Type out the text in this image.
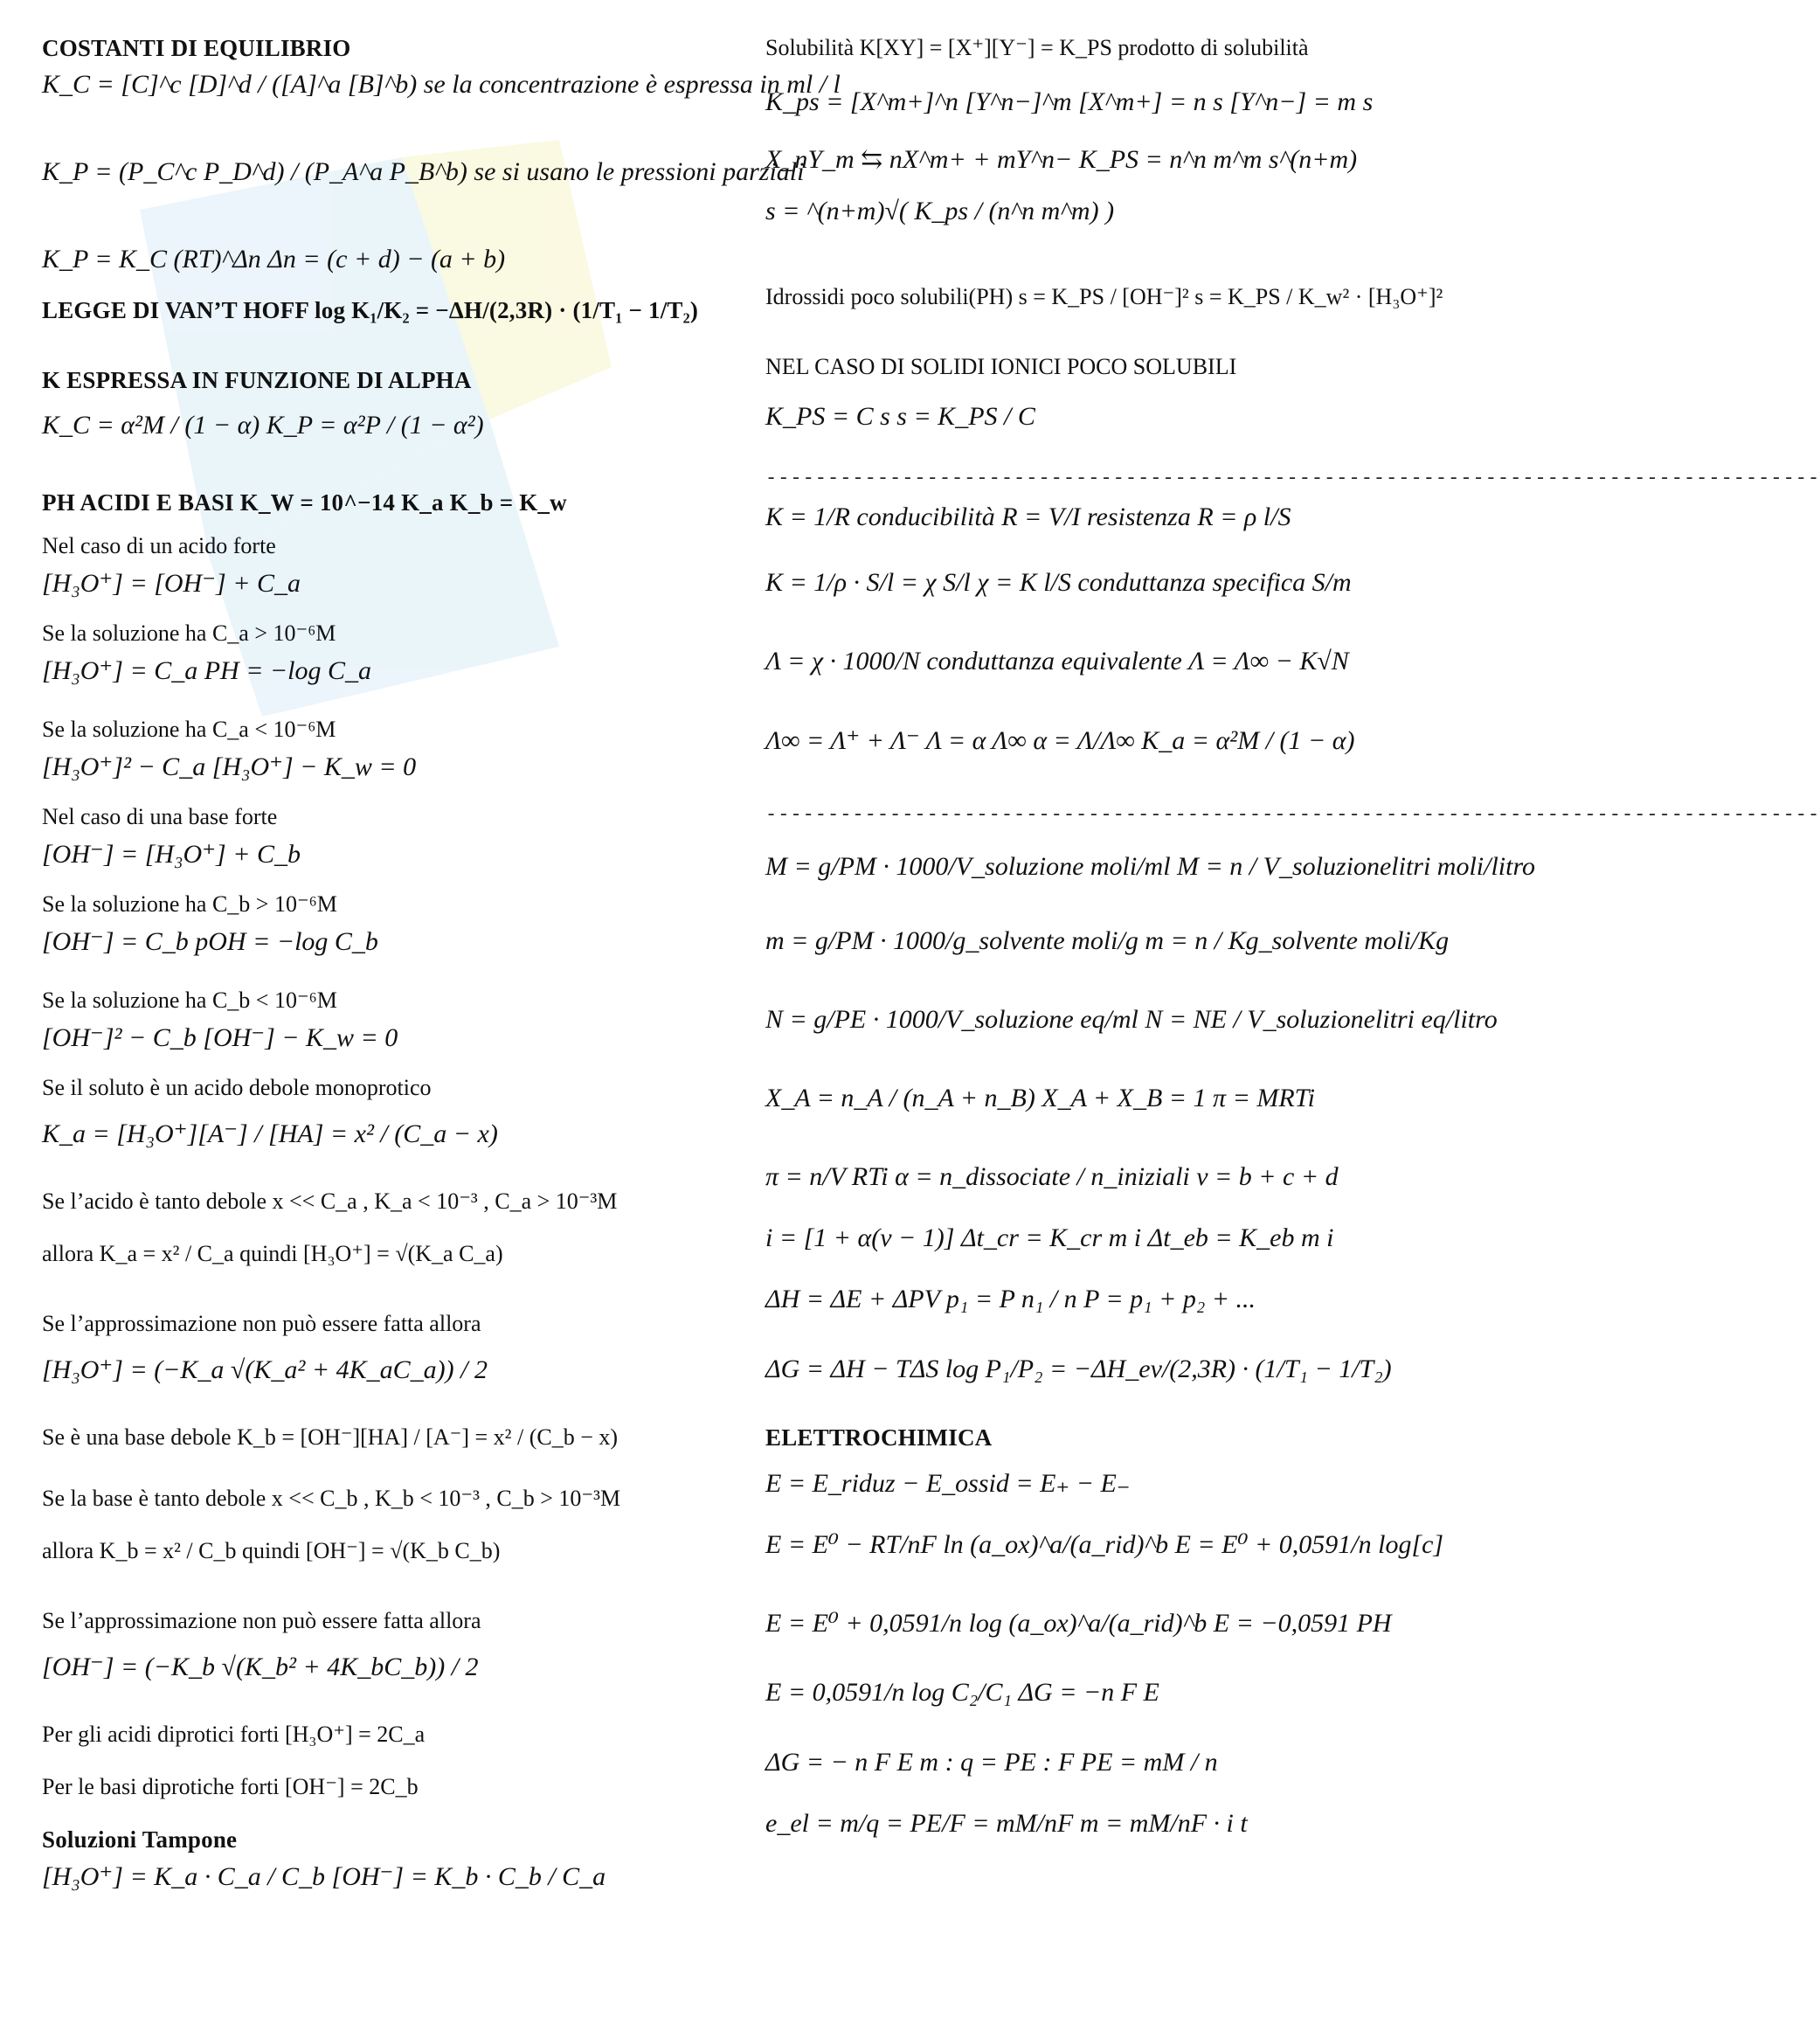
COSTANTI DI EQUILIBRIO
K_C = [C]^c [D]^d / ([A]^a [B]^b) se la concentrazione è espressa in ml / l
K_P = (P_C^c P_D^d) / (P_A^a P_B^b) se si usano le pressioni parziali
K_P = K_C (RT)^Δn Δn = (c + d) − (a + b)
LEGGE DI VAN’T HOFF log K₁/K₂ = −ΔH/(2,3R) · (1/T₁ − 1/T₂)
K ESPRESSA IN FUNZIONE DI ALPHA
K_C = α²M / (1 − α) K_P = α²P / (1 − α²)
PH ACIDI E BASI K_W = 10^−14 K_a K_b = K_w
Nel caso di un acido forte
[H₃O⁺] = [OH⁻] + C_a
Se la soluzione ha C_a > 10⁻⁶M
[H₃O⁺] = C_a PH = −log C_a
Se la soluzione ha C_a < 10⁻⁶M
[H₃O⁺]² − C_a [H₃O⁺] − K_w = 0
Nel caso di una base forte
[OH⁻] = [H₃O⁺] + C_b
Se la soluzione ha C_b > 10⁻⁶M
[OH⁻] = C_b pOH = −log C_b
Se la soluzione ha C_b < 10⁻⁶M
[OH⁻]² − C_b [OH⁻] − K_w = 0
Se il soluto è un acido debole monoprotico
K_a = [H₃O⁺][A⁻] / [HA] = x² / (C_a − x)
Se l’acido è tanto debole x << C_a , K_a < 10⁻³ , C_a > 10⁻³M
allora K_a = x² / C_a quindi [H₃O⁺] = √(K_a C_a)
Se l’approssimazione non può essere fatta allora
[H₃O⁺] = (−K_a √(K_a² + 4K_aC_a)) / 2
Se è una base debole K_b = [OH⁻][HA] / [A⁻] = x² / (C_b − x)
Se la base è tanto debole x << C_b , K_b < 10⁻³ , C_b > 10⁻³M
allora K_b = x² / C_b quindi [OH⁻] = √(K_b C_b)
Se l’approssimazione non può essere fatta allora
[OH⁻] = (−K_b √(K_b² + 4K_bC_b)) / 2
Per gli acidi diprotici forti [H₃O⁺] = 2C_a
Per le basi diprotiche forti [OH⁻] = 2C_b
Soluzioni Tampone
[H₃O⁺] = K_a · C_a / C_b [OH⁻] = K_b · C_b / C_a
Solubilità K[XY] = [X⁺][Y⁻] = K_PS prodotto di solubilità
K_ps = [X^m+]^n [Y^n−]^m [X^m+] = n s [Y^n−] = m s
X_nY_m ⇆ nX^m+ + mY^n− K_PS = n^n m^m s^(n+m)
s = ^(n+m)√( K_ps / (n^n m^m) )
Idrossidi poco solubili(PH) s = K_PS / [OH⁻]² s = K_PS / K_w² · [H₃O⁺]²
NEL CASO DI SOLIDI IONICI POCO SOLUBILI
K_PS = C s s = K_PS / C
-------------------------------------------------------------------------------------
K = 1/R conducibilità R = V/I resistenza R = ρ l/S
K = 1/ρ · S/l = χ S/l χ = K l/S conduttanza specifica S/m
Λ = χ · 1000/N conduttanza equivalente Λ = Λ∞ − K√N
Λ∞ = Λ⁺ + Λ⁻ Λ = α Λ∞ α = Λ/Λ∞ K_a = α²M / (1 − α)
-------------------------------------------------------------------------------------
M = g/PM · 1000/V_soluzione moli/ml M = n / V_soluzionelitri moli/litro
m = g/PM · 1000/g_solvente moli/g m = n / Kg_solvente moli/Kg
N = g/PE · 1000/V_soluzione eq/ml N = NE / V_soluzionelitri eq/litro
X_A = n_A / (n_A + n_B) X_A + X_B = 1 π = MRTi
π = n/V RTi α = n_dissociate / n_iniziali ν = b + c + d
i = [1 + α(ν − 1)] Δt_cr = K_cr m i Δt_eb = K_eb m i
ΔH = ΔE + ΔPV p₁ = P n₁ / n P = p₁ + p₂ + ...
ΔG = ΔH − TΔS log P₁/P₂ = −ΔH_ev/(2,3R) · (1/T₁ − 1/T₂)
ELETTROCHIMICA
E = E_riduz − E_ossid = E₊ − E₋
E = E⁰ − RT/nF ln (a_ox)^a/(a_rid)^b E = E⁰ + 0,0591/n log[c]
E = E⁰ + 0,0591/n log (a_ox)^a/(a_rid)^b E = −0,0591 PH
E = 0,0591/n log C₂/C₁ ΔG = −n F E
ΔG = − n F E m : q = PE : F PE = mM / n
e_el = m/q = PE/F = mM/nF m = mM/nF · i t
